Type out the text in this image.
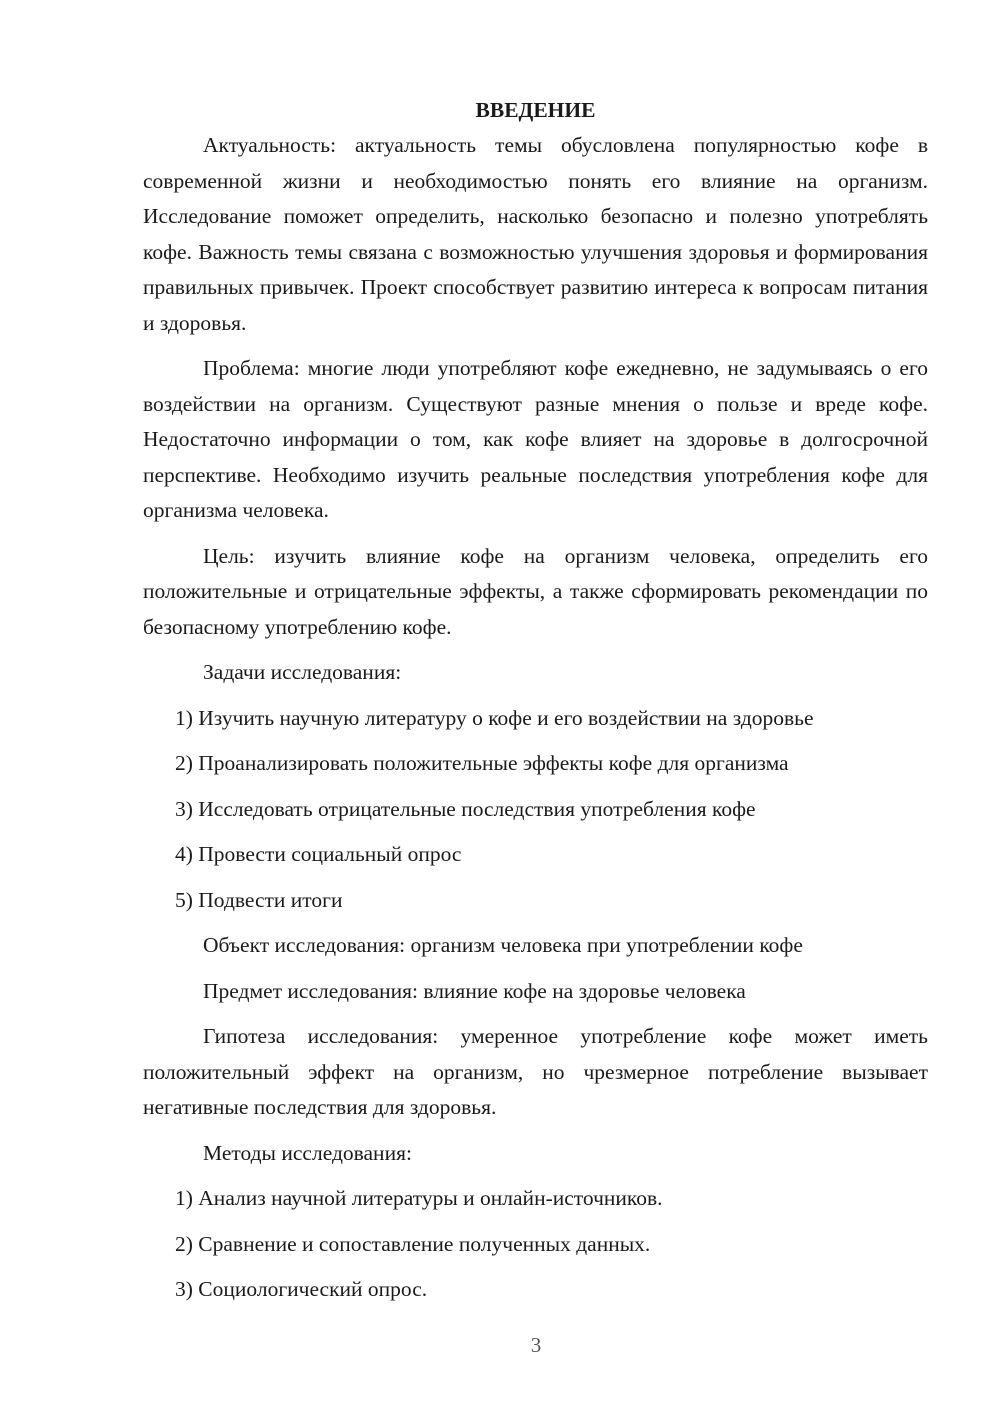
ВВЕДЕНИЕ

Актуальность: актуальность темы обусловлена популярностью кофе в современной жизни и необходимостью понять его влияние на организм. Исследование поможет определить, насколько безопасно и полезно употреблять кофе. Важность темы связана с возможностью улучшения здоровья и формирования правильных привычек. Проект способствует развитию интереса к вопросам питания и здоровья.

Проблема: многие люди употребляют кофе ежедневно, не задумываясь о его воздействии на организм. Существуют разные мнения о пользе и вреде кофе. Недостаточно информации о том, как кофе влияет на здоровье в долгосрочной перспективе. Необходимо изучить реальные последствия употребления кофе для организма человека.

Цель: изучить влияние кофе на организм человека, определить его положительные и отрицательные эффекты, а также сформировать рекомендации по безопасному употреблению кофе.

Задачи исследования:

1) Изучить научную литературу о кофе и его воздействии на здоровье

2) Проанализировать положительные эффекты кофе для организма

3) Исследовать отрицательные последствия употребления кофе

4) Провести социальный опрос

5) Подвести итоги

Объект исследования: организм человека при употреблении кофе

Предмет исследования: влияние кофе на здоровье человека

Гипотеза исследования: умеренное употребление кофе может иметь положительный эффект на организм, но чрезмерное потребление вызывает негативные последствия для здоровья.

Методы исследования:

1) Анализ научной литературы и онлайн-источников.

2) Сравнение и сопоставление полученных данных.

3) Социологический опрос.

3
